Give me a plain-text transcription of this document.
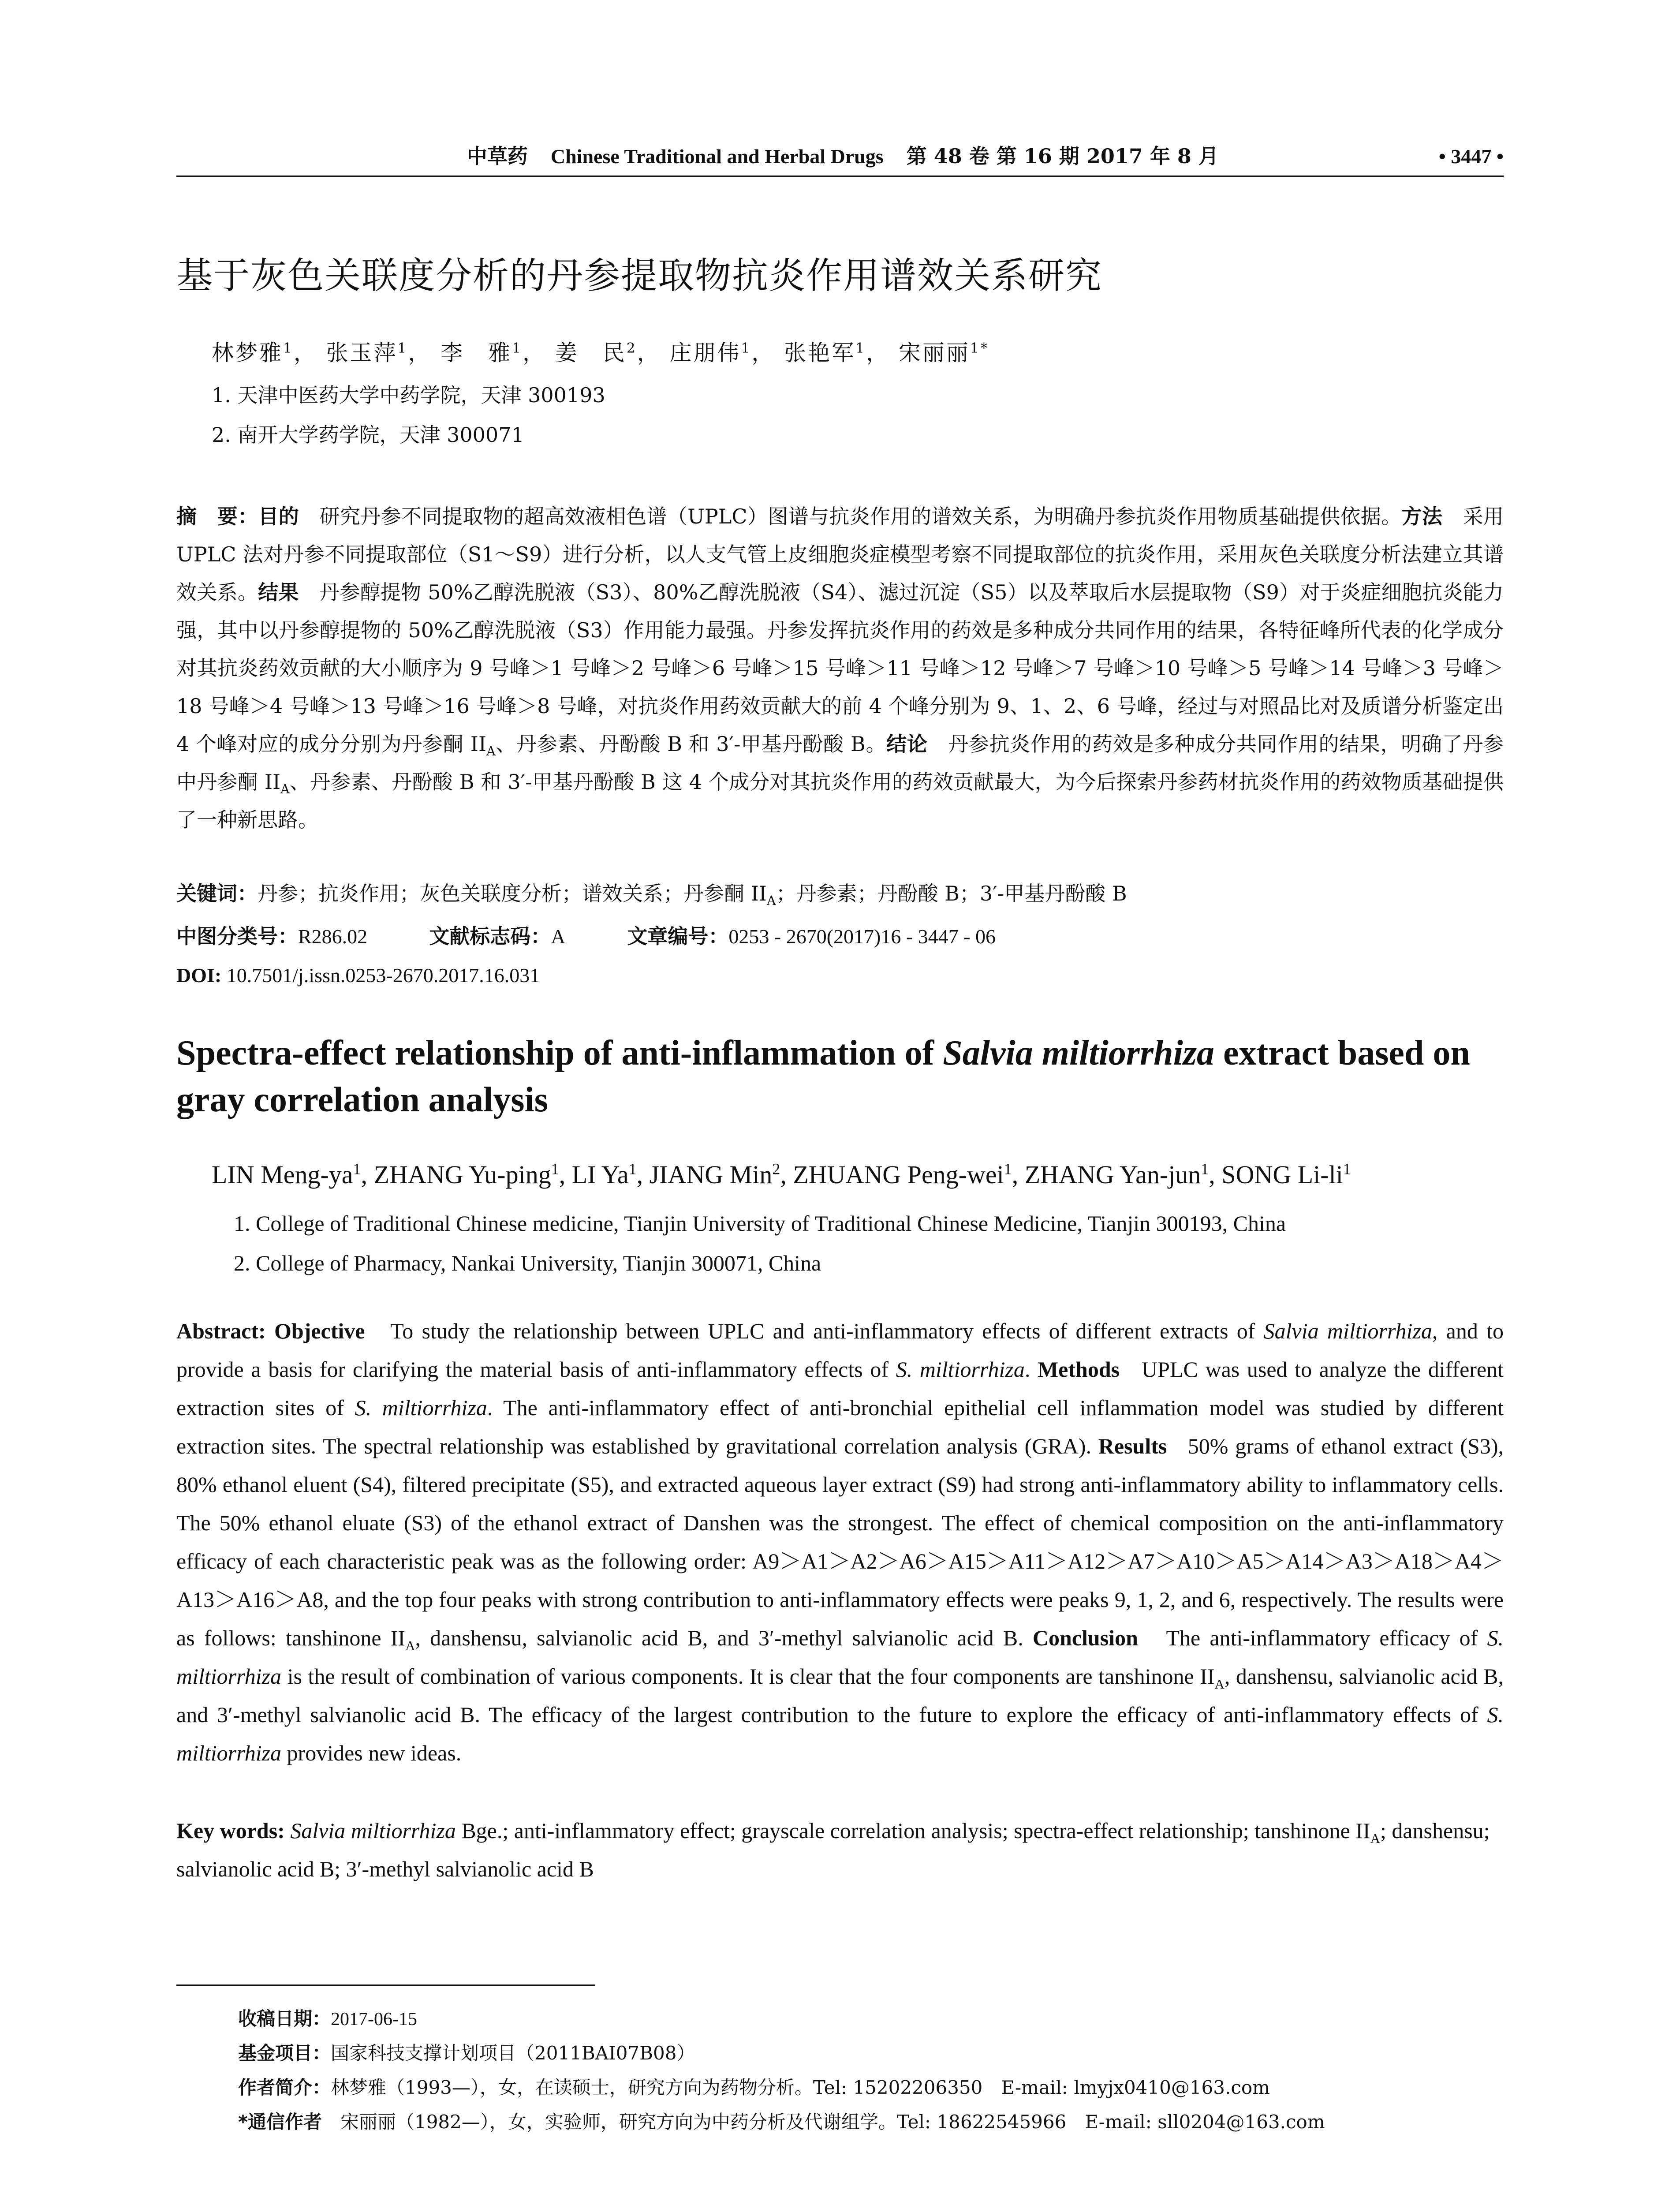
中草药 Chinese Traditional and Herbal Drugs 第 48 卷 第 16 期 2017 年 8 月	• 3447 •
基于灰色关联度分析的丹参提取物抗炎作用谱效关系研究
林梦雅$^1$， 张玉萍$^1$， 李　雅$^1$， 姜　民$^2$， 庄朋伟$^1$， 张艳军$^1$， 宋丽丽$^{1*}$
1. 天津中医药大学中药学院，天津 300193
2. 南开大学药学院，天津 300071

摘　要：目的　 研究丹参不同提取物的超高效液相色谱（UPLC）图谱与抗炎作用的谱效关系，为明确丹参抗炎作用物质基础提供依据。方法　 采用 UPLC 法对丹参不同提取部位（S1～S9）进行分析，以人支气管上皮细胞炎症模型考察不同提取部位的抗炎作用，采用灰色关联度分析法建立其谱效关系。结果　 丹参醇提物 50%乙醇洗脱液（S3）、80%乙醇洗脱液（S4）、滤过沉淀（S5）以及萃取后水层提取物（S9）对于炎症细胞抗炎能力强，其中以丹参醇提物的 50%乙醇洗脱液（S3）作用能力最强。丹参发挥抗炎作用的药效是多种成分共同作用的结果，各特征峰所代表的化学成分对其抗炎药效贡献的大小顺序为 9 号峰＞1 号峰＞2 号峰＞6 号峰＞15 号峰＞11 号峰＞12 号峰＞7 号峰＞10 号峰＞5 号峰＞14 号峰＞3 号峰＞18 号峰＞4 号峰＞13 号峰＞16 号峰＞8 号峰，对抗炎作用药效贡献大的前 4 个峰分别为 9、1、2、6 号峰，经过与对照品比对及质谱分析鉴定出 4 个峰对应的成分分别为丹参酮 $II_A$、丹参素、丹酚酸 B 和 3′-甲基丹酚酸 B。结论　 丹参抗炎作用的药效是多种成分共同作用的结果，明确了丹参中丹参酮 $II_A$、丹参素、丹酚酸 B 和 3′-甲基丹酚酸 B 这 4 个成分对其抗炎作用的药效贡献最大，为今后探索丹参药材抗炎作用的药效物质基础提供了一种新思路。

关键词：丹参；抗炎作用；灰色关联度分析；谱效关系；丹参酮 $II_A$；丹参素；丹酚酸 B；3′-甲基丹酚酸 B
中图分类号：R286.02	文献标志码：A	文章编号：0253 - 2670(2017)16 - 3447 - 06
DOI: 10.7501/j.issn.0253-2670.2017.16.031
Spectra-effect relationship of anti-inflammation of Salvia miltiorrhiza extract based on gray correlation analysis
LIN Meng-$ya^1$, ZHANG Yu-ping$^1$, LI Ya$^1$, JIANG Min$^2$, ZHUANG Peng-wei$^1$, ZHANG Yan-jun$^1$, SONG $Li-li^1$
1. College of Traditional Chinese medicine, Tianjin University of Traditional Chinese Medicine, Tianjin 300193, China
2. College of Pharmacy, Nankai University, Tianjin 300071, China

Abstract: Objective To study the relationship between UPLC and anti-inflammatory effects of different extracts of Salvia miltiorrhiza, and to provide a basis for clarifying the material basis of anti-inflammatory effects of S. miltiorrhiza. Methods UPLC was used to analyze the different extraction sites of S. miltiorrhiza. The anti-inflammatory effect of anti-bronchial epithelial cell inflammation model was studied by different extraction sites. The spectral relationship was established by gravitational correlation analysis (GRA). Results 50% grams of ethanol extract (S3), 80% ethanol eluent (S4), filtered precipitate (S5), and extracted aqueous layer extract (S9) had strong anti-inflammatory ability to inflammatory cells. The 50% ethanol eluate (S3) of the ethanol extract of Danshen was the strongest. The effect of chemical composition on the anti-inflammatory efficacy of each characteristic peak was as the following order: A9＞A1＞A2＞A6＞A15＞A11＞A12＞A7＞A10＞A5＞A14＞A3＞A18＞A4＞A13＞A16＞A8, and the top four peaks with strong contribution to anti-inflammatory effects were peaks 9, 1, 2, and 6, respectively. The results were as follows: tanshinone $II_A$, danshensu, salvianolic acid B, and 3′-methyl salvianolic acid B. Conclusion The anti-inflammatory efficacy of S. miltiorrhiza is the result of combination of various components. It is clear that the four components are tanshinone $II_A$, danshensu, salvianolic acid B, and 3′-methyl salvianolic acid B. The efficacy of the largest contribution to the future to explore the efficacy of anti-inflammatory effects of S. miltiorrhiza provides new ideas.

Key words: Salvia miltiorrhiza Bge.; anti-inflammatory effect; grayscale correlation analysis; spectra-effect relationship; tanshinone $II_A$; danshensu; salvianolic acid B; 3′-methyl salvianolic acid B

收稿日期：2017-06-15
基金项目：国家科技支撑计划项目（2011BAI07B08）
作者简介：林梦雅（1993—），女，在读硕士，研究方向为药物分析。Tel: 15202206350　E-mail: lmyjx0410@163.com
*通信作者　宋丽丽（1982—），女，实验师，研究方向为中药分析及代谢组学。Tel: 18622545966　E-mail: sll0204@163.com
